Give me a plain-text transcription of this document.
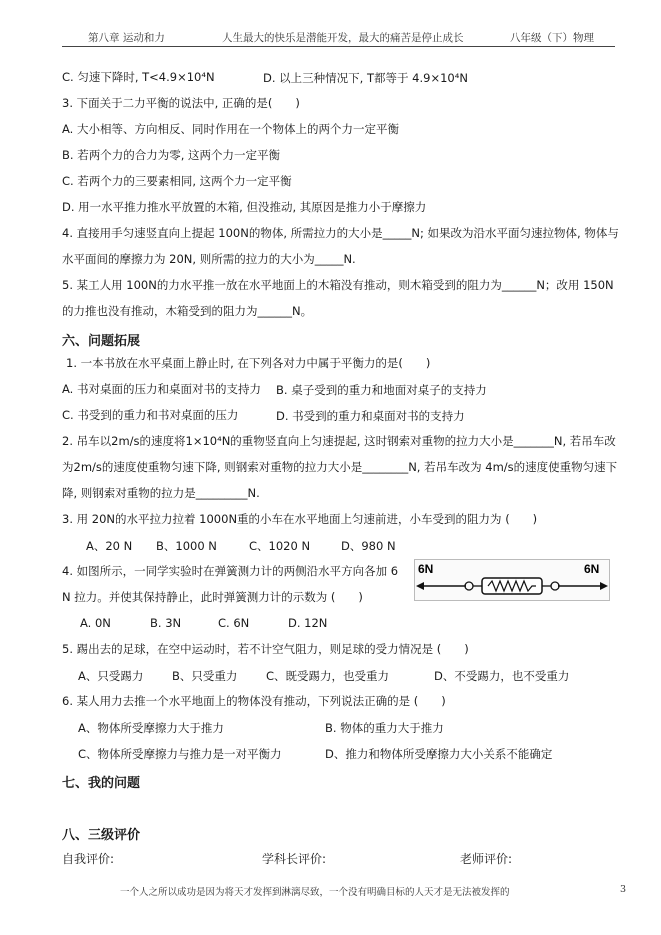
第八章 运动和力	人生最大的快乐是潜能开发，最大的痛苦是停止成长	八年级（下）物理
C. 匀速下降时, T<4.9×10⁴N	D. 以上三种情况下, T都等于 4.9×10⁴N
3. 下面关于二力平衡的说法中, 正确的是(　　)
A. 大小相等、方向相反、同时作用在一个物体上的两个力一定平衡
B. 若两个力的合力为零, 这两个力一定平衡
C. 若两个力的三要素相同, 这两个力一定平衡
D. 用一水平推力推水平放置的木箱, 但没推动, 其原因是推力小于摩擦力
4. 直接用手匀速竖直向上提起 100N的物体, 所需拉力的大小是_____N; 如果改为沿水平面匀速拉物体, 物体与
水平面间的摩擦力为 20N, 则所需的拉力的大小为_____N.
5. 某工人用 100N的力水平推一放在水平地面上的木箱没有推动，则木箱受到的阻力为______N；改用 150N
的力推也没有推动，木箱受到的阻力为______N。
六、问题拓展
1. 一本书放在水平桌面上静止时, 在下列各对力中属于平衡力的是(　　)
A. 书对桌面的压力和桌面对书的支持力 B. 桌子受到的重力和地面对桌子的支持力
C. 书受到的重力和书对桌面的压力	D. 书受到的重力和桌面对书的支持力
2. 吊车以2m/s的速度将1×10⁴N的重物竖直向上匀速提起, 这时钢索对重物的拉力大小是_______N, 若吊车改
为2m/s的速度使重物匀速下降, 则钢索对重物的拉力大小是________N, 若吊车改为 4m/s的速度使重物匀速下
降, 则钢索对重物的拉力是_________N.
3. 用 20N的水平拉力拉着 1000N重的小车在水平地面上匀速前进，小车受到的阻力为 (　　)
A、20 N B、1000 N	C、1020 N	D、980 N
4. 如图所示，一同学实验时在弹簧测力计的两侧沿水平方向各加 6
N 拉力。并使其保持静止，此时弹簧测力计的示数为 (　　)
A. 0N	B. 3N	C. 6N	D. 12N
6N	6N
5. 踢出去的足球，在空中运动时，若不计空气阻力，则足球的受力情况是 (　　)
A、只受踢力 B、只受重力 C、既受踢力，也受重力	D、不受踢力，也不受重力
6. 某人用力去推一个水平地面上的物体没有推动，下列说法正确的是 (　　)
A、物体所受摩擦力大于推力	B. 物体的重力大于推力
C、物体所受摩擦力与推力是一对平衡力	D、推力和物体所受摩擦力大小关系不能确定
七、我的问题
八、三级评价
自我评价:	学科长评价:	老师评价:
一个人之所以成功是因为将天才发挥到淋漓尽致，一个没有明确目标的人天才是无法被发挥的	3
